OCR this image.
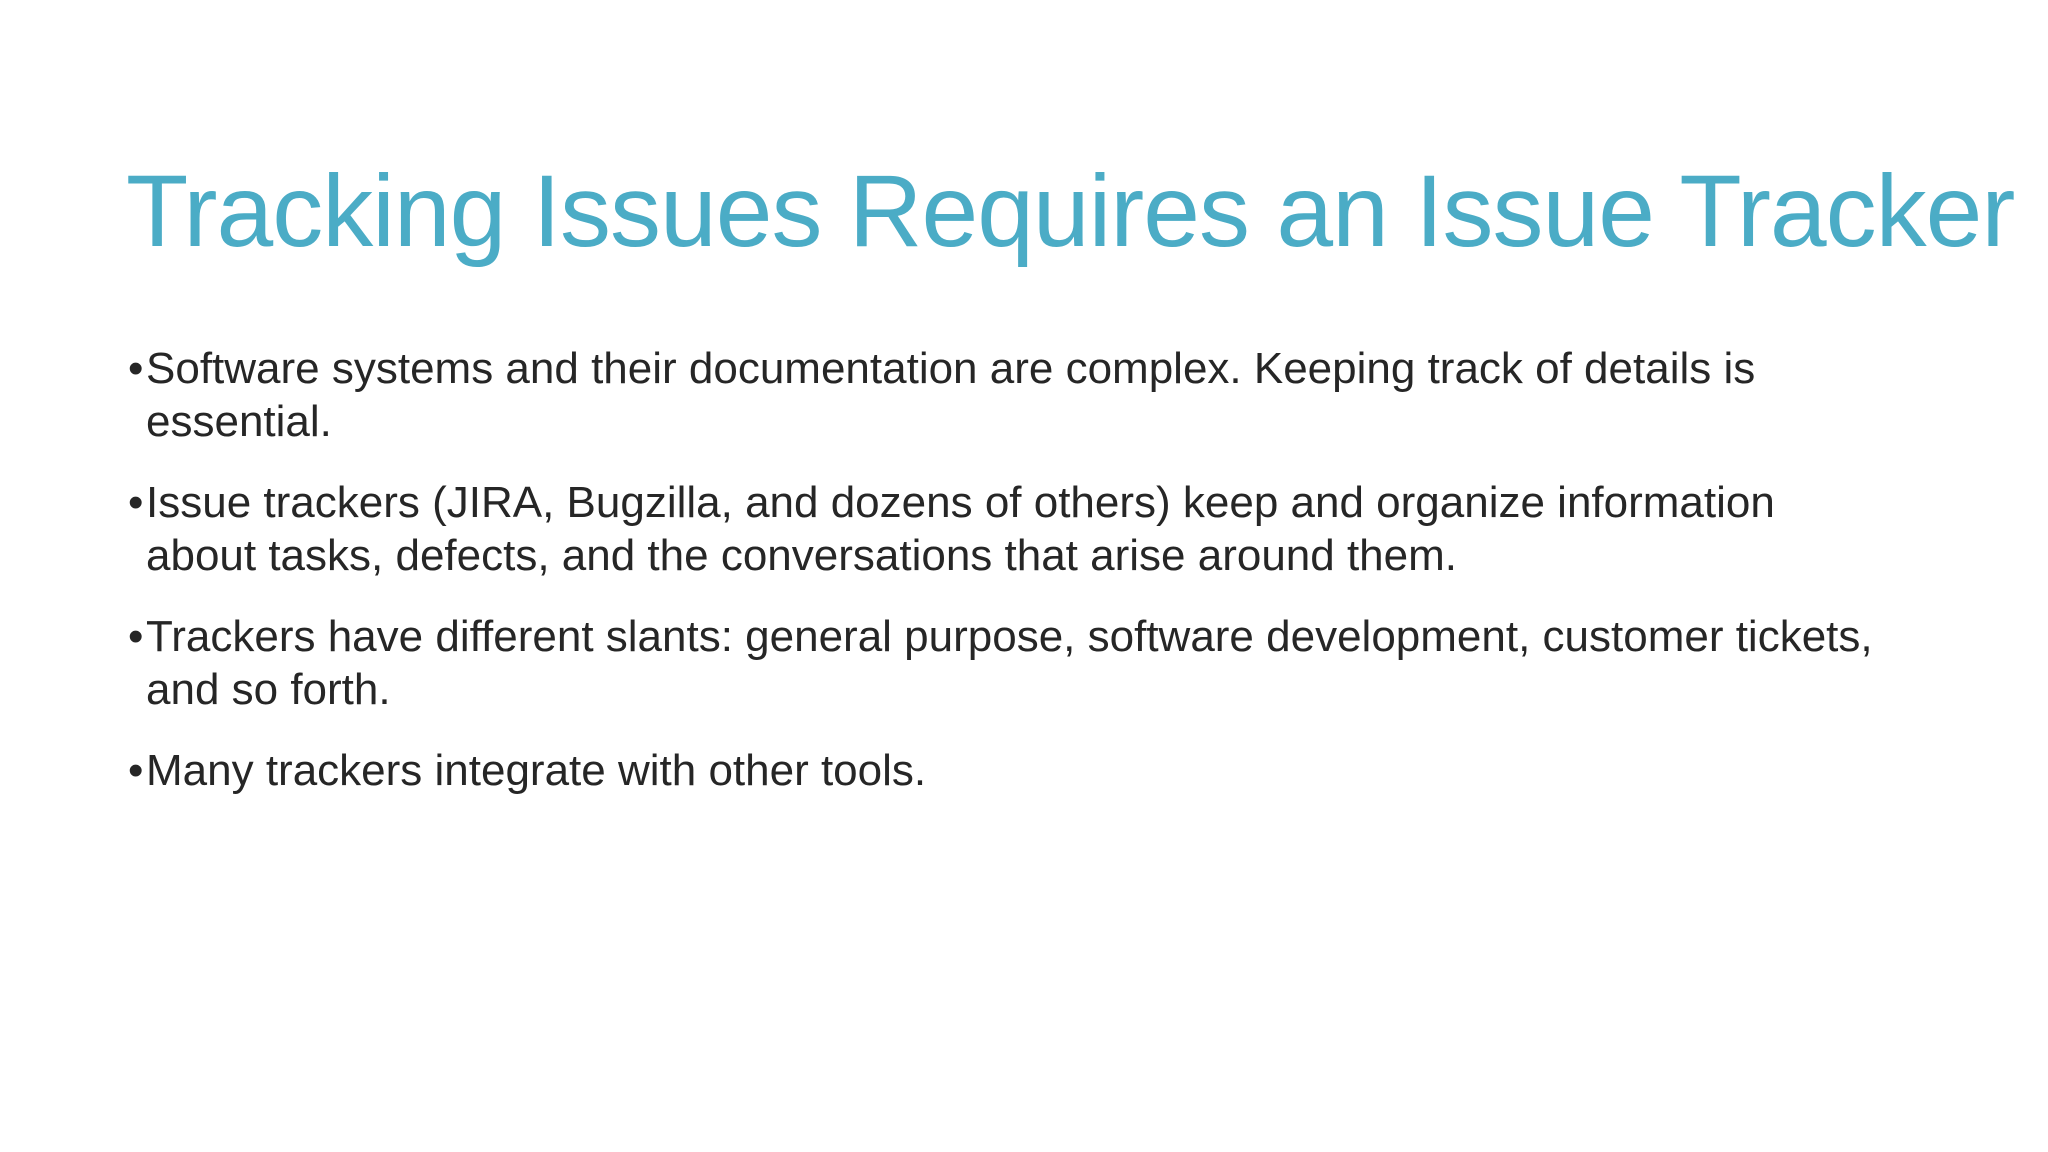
Tracking Issues Requires an Issue Tracker
• Software systems and their documentation are complex. Keeping track of details is essential.
• Issue trackers (JIRA, Bugzilla, and dozens of others) keep and organize information about tasks, defects, and the conversations that arise around them.
• Trackers have different slants: general purpose, software development, customer tickets, and so forth.
• Many trackers integrate with other tools.
